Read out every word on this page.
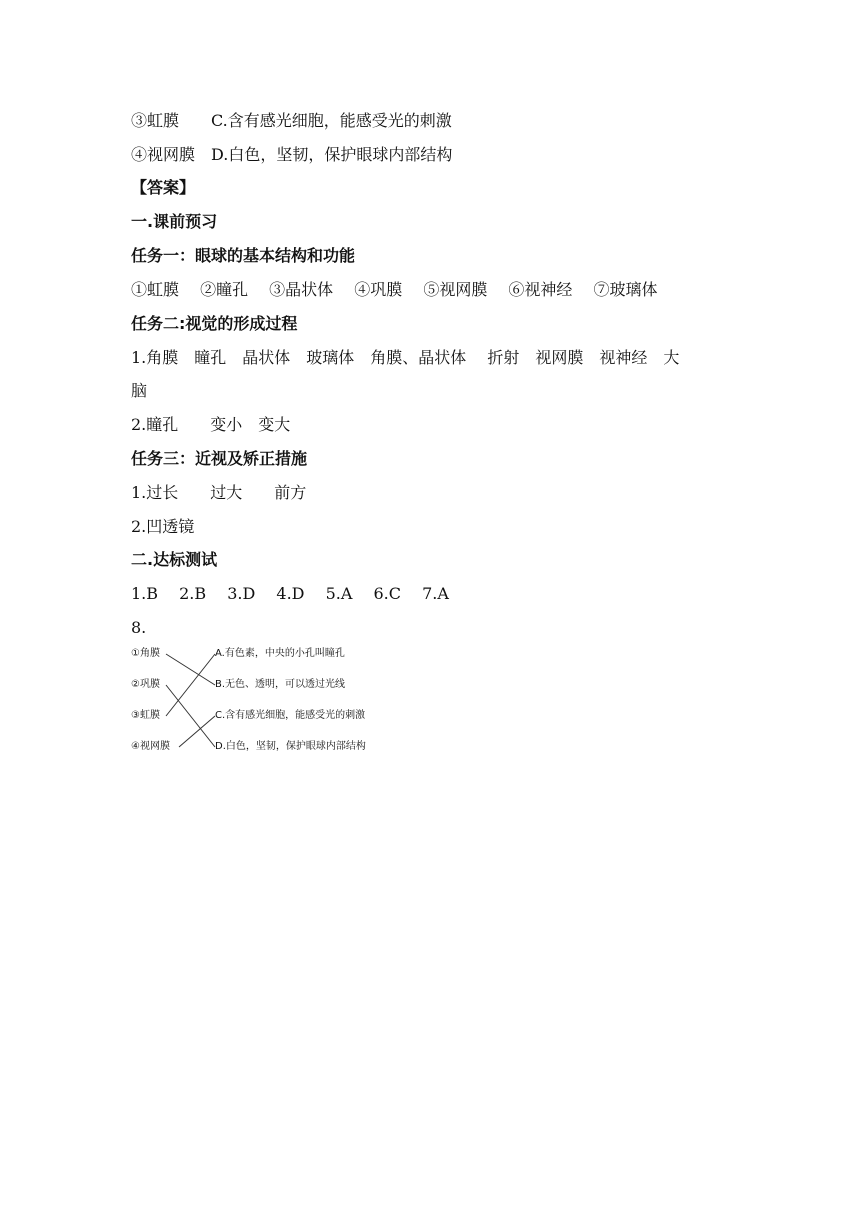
③虹膜　　C.含有感光细胞，能感受光的刺激
④视网膜　D.白色，坚韧，保护眼球内部结构
【答案】
一.课前预习
任务一：眼球的基本结构和功能
①虹膜　 ②瞳孔　 ③晶状体　 ④巩膜　 ⑤视网膜　 ⑥视神经　 ⑦玻璃体
任务二:视觉的形成过程
1.角膜　瞳孔　晶状体　玻璃体　角膜、晶状体　 折射　视网膜　视神经　大
脑
2.瞳孔　　变小　变大
任务三：近视及矫正措施
1.过长　　过大　　前方
2.凹透镜
二.达标测试
1.B　 2.B　 3.D　 4.D　 5.A　 6.C　 7.A
8.
①角膜
②巩膜
③虹膜
④视网膜
A.有色素，中央的小孔叫瞳孔
B.无色、透明，可以透过光线
C.含有感光细胞，能感受光的刺激
D.白色，坚韧，保护眼球内部结构
